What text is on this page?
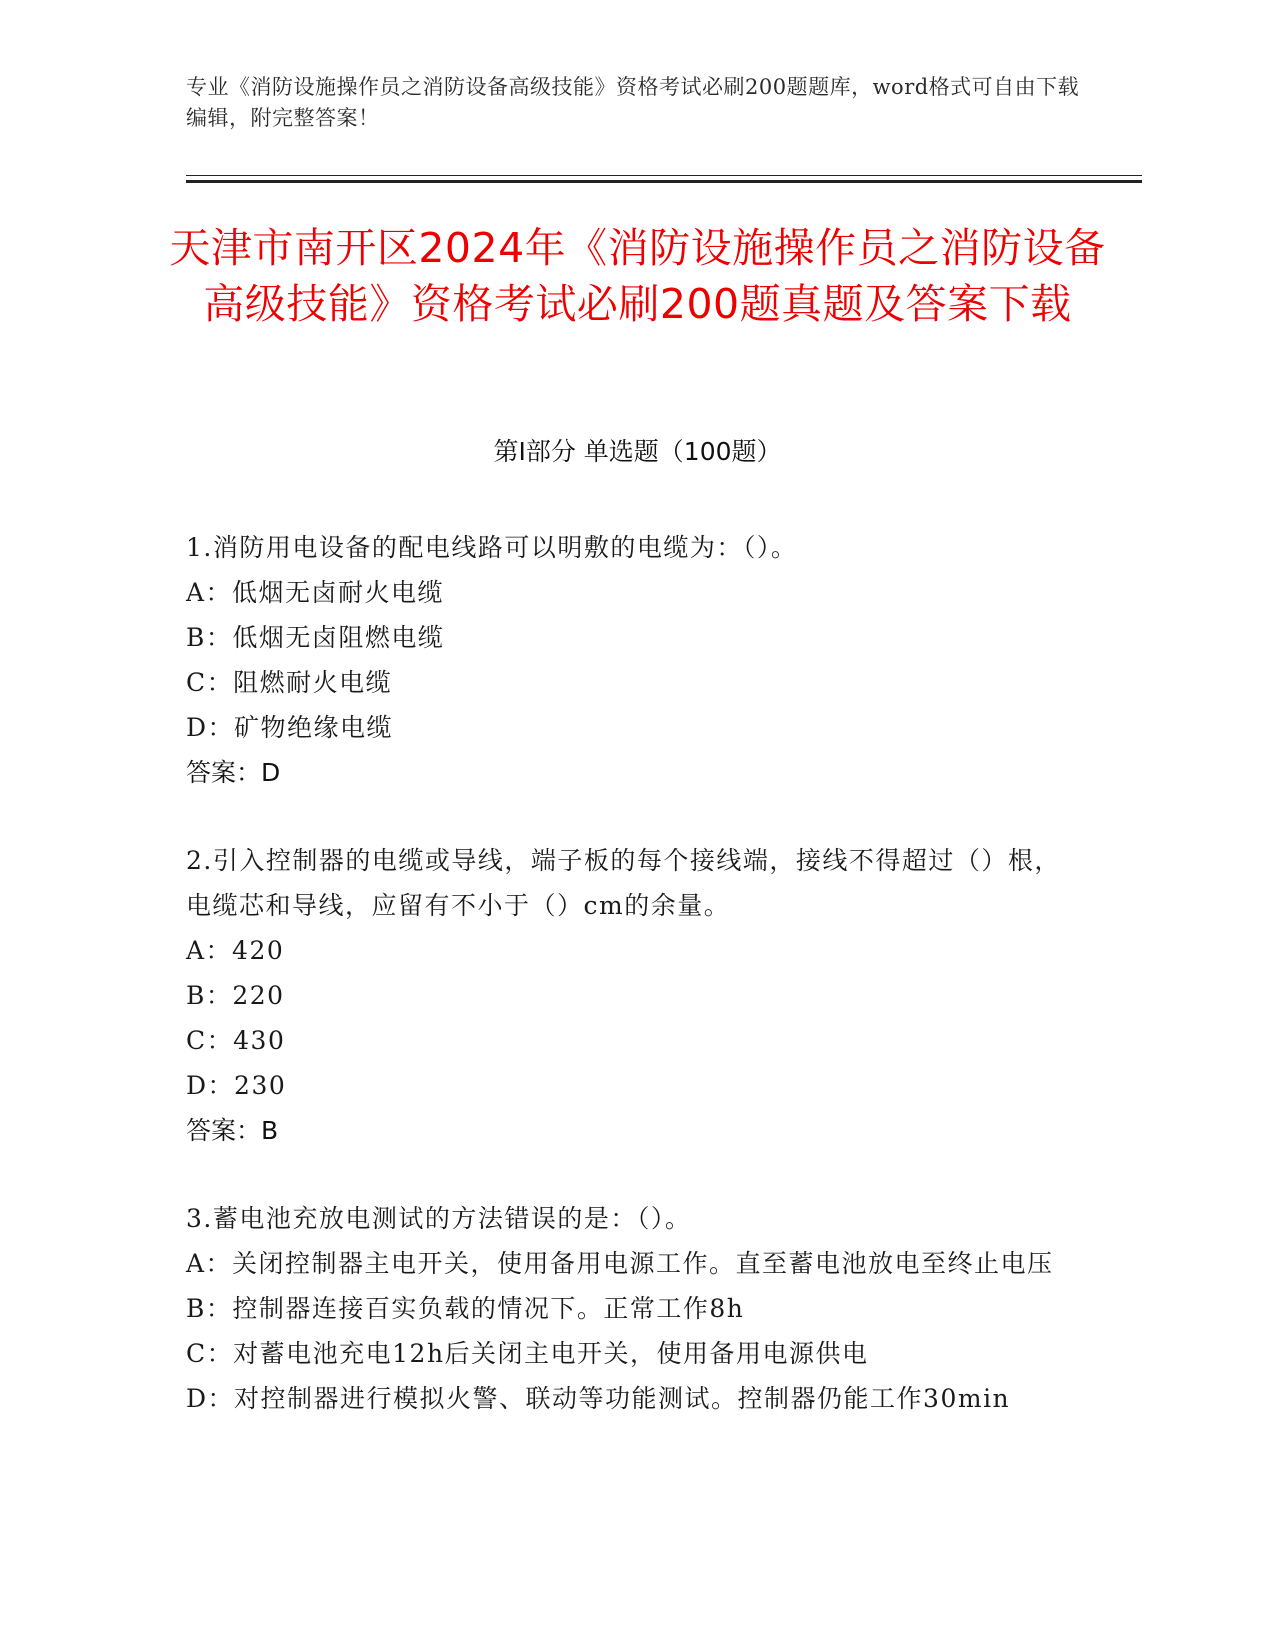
专业《消防设施操作员之消防设备高级技能》资格考试必刷200题题库，word格式可自由下载编辑，附完整答案！
天津市南开区2024年《消防设施操作员之消防设备高级技能》资格考试必刷200题真题及答案下载
第Ⅰ部分 单选题（100题）
1.消防用电设备的配电线路可以明敷的电缆为：（）。
A：低烟无卤耐火电缆
B：低烟无卤阻燃电缆
C：阻燃耐火电缆
D：矿物绝缘电缆
答案：D
2.引入控制器的电缆或导线，端子板的每个接线端，接线不得超过（）根，电缆芯和导线，应留有不小于（）cm的余量。
A：420
B：220
C：430
D：230
答案：B
3.蓄电池充放电测试的方法错误的是：（）。
A：关闭控制器主电开关，使用备用电源工作。直至蓄电池放电至终止电压
B：控制器连接百实负载的情况下。正常工作8h
C：对蓄电池充电12h后关闭主电开关，使用备用电源供电
D：对控制器进行模拟火警、联动等功能测试。控制器仍能工作30min
